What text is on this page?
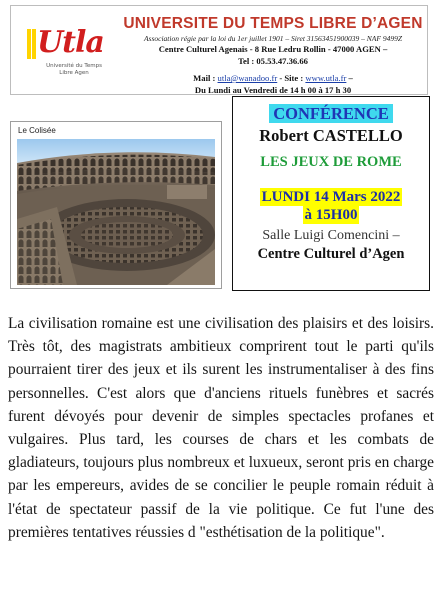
Utla
Université du Temps Libre Agen
UNIVERSITE DU TEMPS LIBRE D’AGEN
Association régie par la loi du 1er juillet 1901 – Siret 31563451900039 – NAF 9499Z
Centre Culturel Agenais - 8 Rue Ledru Rollin - 47000 AGEN –
Tel : 05.53.47.36.66
Mail : utla@wanadoo.fr - Site : www.utla.fr –
Du Lundi au Vendredi de 14 h 00 à 17 h 30
Le Colisée
CONFÉRENCE
Robert CASTELLO
LES JEUX DE ROME
LUNDI 14 Mars 2022
à 15H00
Salle Luigi Comencini –
Centre Culturel d’Agen

La civilisation romaine est une civilisation des plaisirs et des loisirs. Très tôt, des magistrats ambitieux comprirent tout le parti qu'ils pourraient tirer des jeux et ils surent les instrumentaliser à des fins personnelles. C'est alors que d'anciens rituels funèbres et sacrés furent dévoyés pour devenir de simples spectacles profanes et vulgaires. Plus tard, les courses de chars et les combats de gladiateurs, toujours plus nombreux et luxueux, seront pris en charge par les empereurs, avides de se concilier le peuple romain réduit à l'état de spectateur passif de la vie politique. Ce fut l'une des premières tentatives réussies d "esthétisation de la politique".
